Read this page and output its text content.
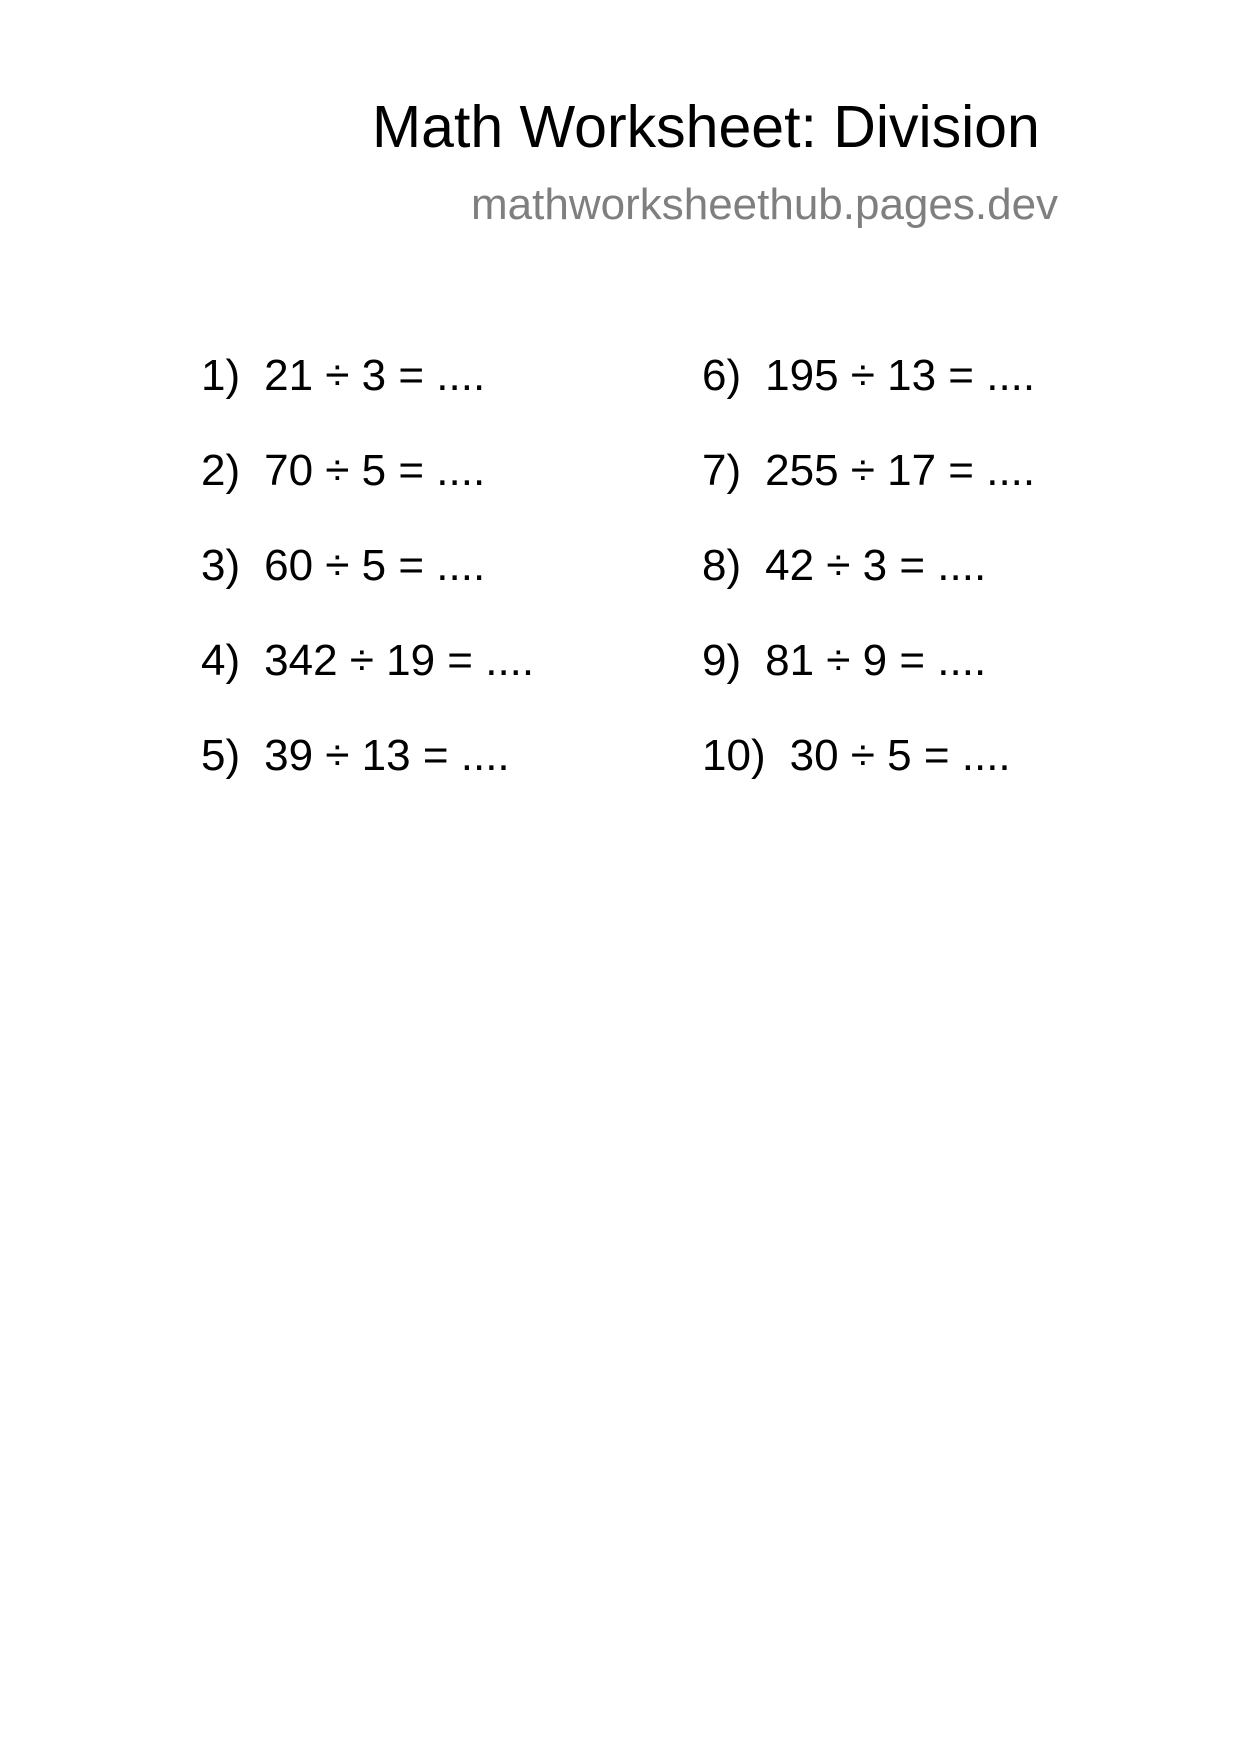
Math Worksheet: Division
mathworksheethub.pages.dev
1) 21 ÷ 3 = ....
2) 70 ÷ 5 = ....
3) 60 ÷ 5 = ....
4) 342 ÷ 19 = ....
5) 39 ÷ 13 = ....
6) 195 ÷ 13 = ....
7) 255 ÷ 17 = ....
8) 42 ÷ 3 = ....
9) 81 ÷ 9 = ....
10) 30 ÷ 5 = ....
